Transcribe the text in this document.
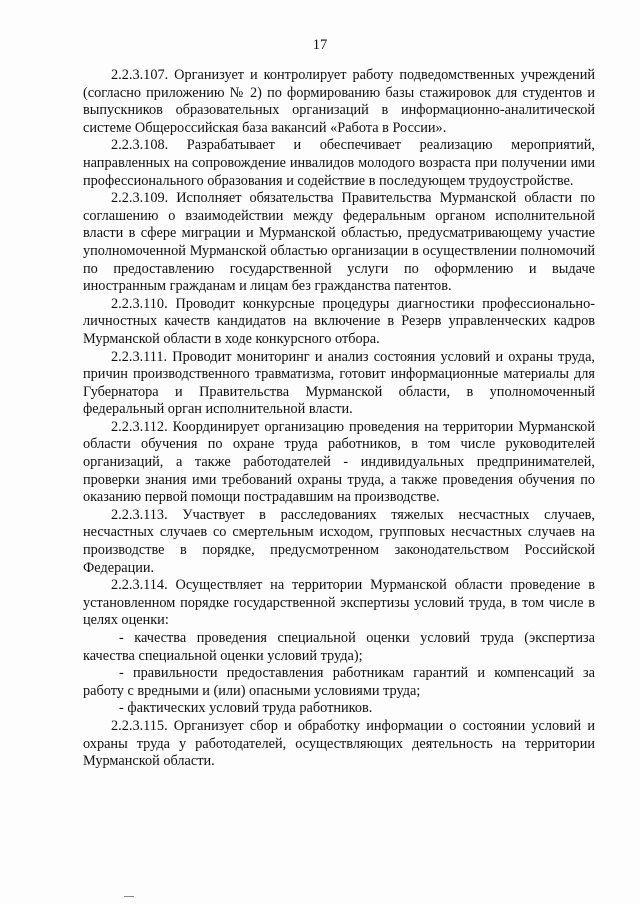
17

2.2.3.107. Организует и контролирует работу подведомственных учреждений (согласно приложению № 2) по формированию базы стажировок для студентов и выпускников образовательных организаций в информационно-аналитической системе Общероссийская база вакансий «Работа в России».

2.2.3.108. Разрабатывает и обеспечивает реализацию мероприятий, направленных на сопровождение инвалидов молодого возраста при получении ими профессионального образования и содействие в последующем трудоустройстве.

2.2.3.109. Исполняет обязательства Правительства Мурманской области по соглашению о взаимодействии между федеральным органом исполнительной власти в сфере миграции и Мурманской областью, предусматривающему участие уполномоченной Мурманской областью организации в осуществлении полномочий по предоставлению государственной услуги по оформлению и выдаче иностранным гражданам и лицам без гражданства патентов.

2.2.3.110. Проводит конкурсные процедуры диагностики профессионально-личностных качеств кандидатов на включение в Резерв управленческих кадров Мурманской области в ходе конкурсного отбора.

2.2.3.111. Проводит мониторинг и анализ состояния условий и охраны труда, причин производственного травматизма, готовит информационные материалы для Губернатора и Правительства Мурманской области, в уполномоченный федеральный орган исполнительной власти.

2.2.3.112. Координирует организацию проведения на территории Мурманской области обучения по охране труда работников, в том числе руководителей организаций, а также работодателей - индивидуальных предпринимателей, проверки знания ими требований охраны труда, а также проведения обучения по оказанию первой помощи пострадавшим на производстве.

2.2.3.113. Участвует в расследованиях тяжелых несчастных случаев, несчастных случаев со смертельным исходом, групповых несчастных случаев на производстве в порядке, предусмотренном законодательством Российской Федерации.

2.2.3.114. Осуществляет на территории Мурманской области проведение в установленном порядке государственной экспертизы условий труда, в том числе в целях оценки:

- качества проведения специальной оценки условий труда (экспертиза качества специальной оценки условий труда);

- правильности предоставления работникам гарантий и компенсаций за работу с вредными и (или) опасными условиями труда;

- фактических условий труда работников.

2.2.3.115. Организует сбор и обработку информации о состоянии условий и охраны труда у работодателей, осуществляющих деятельность на территории Мурманской области.
